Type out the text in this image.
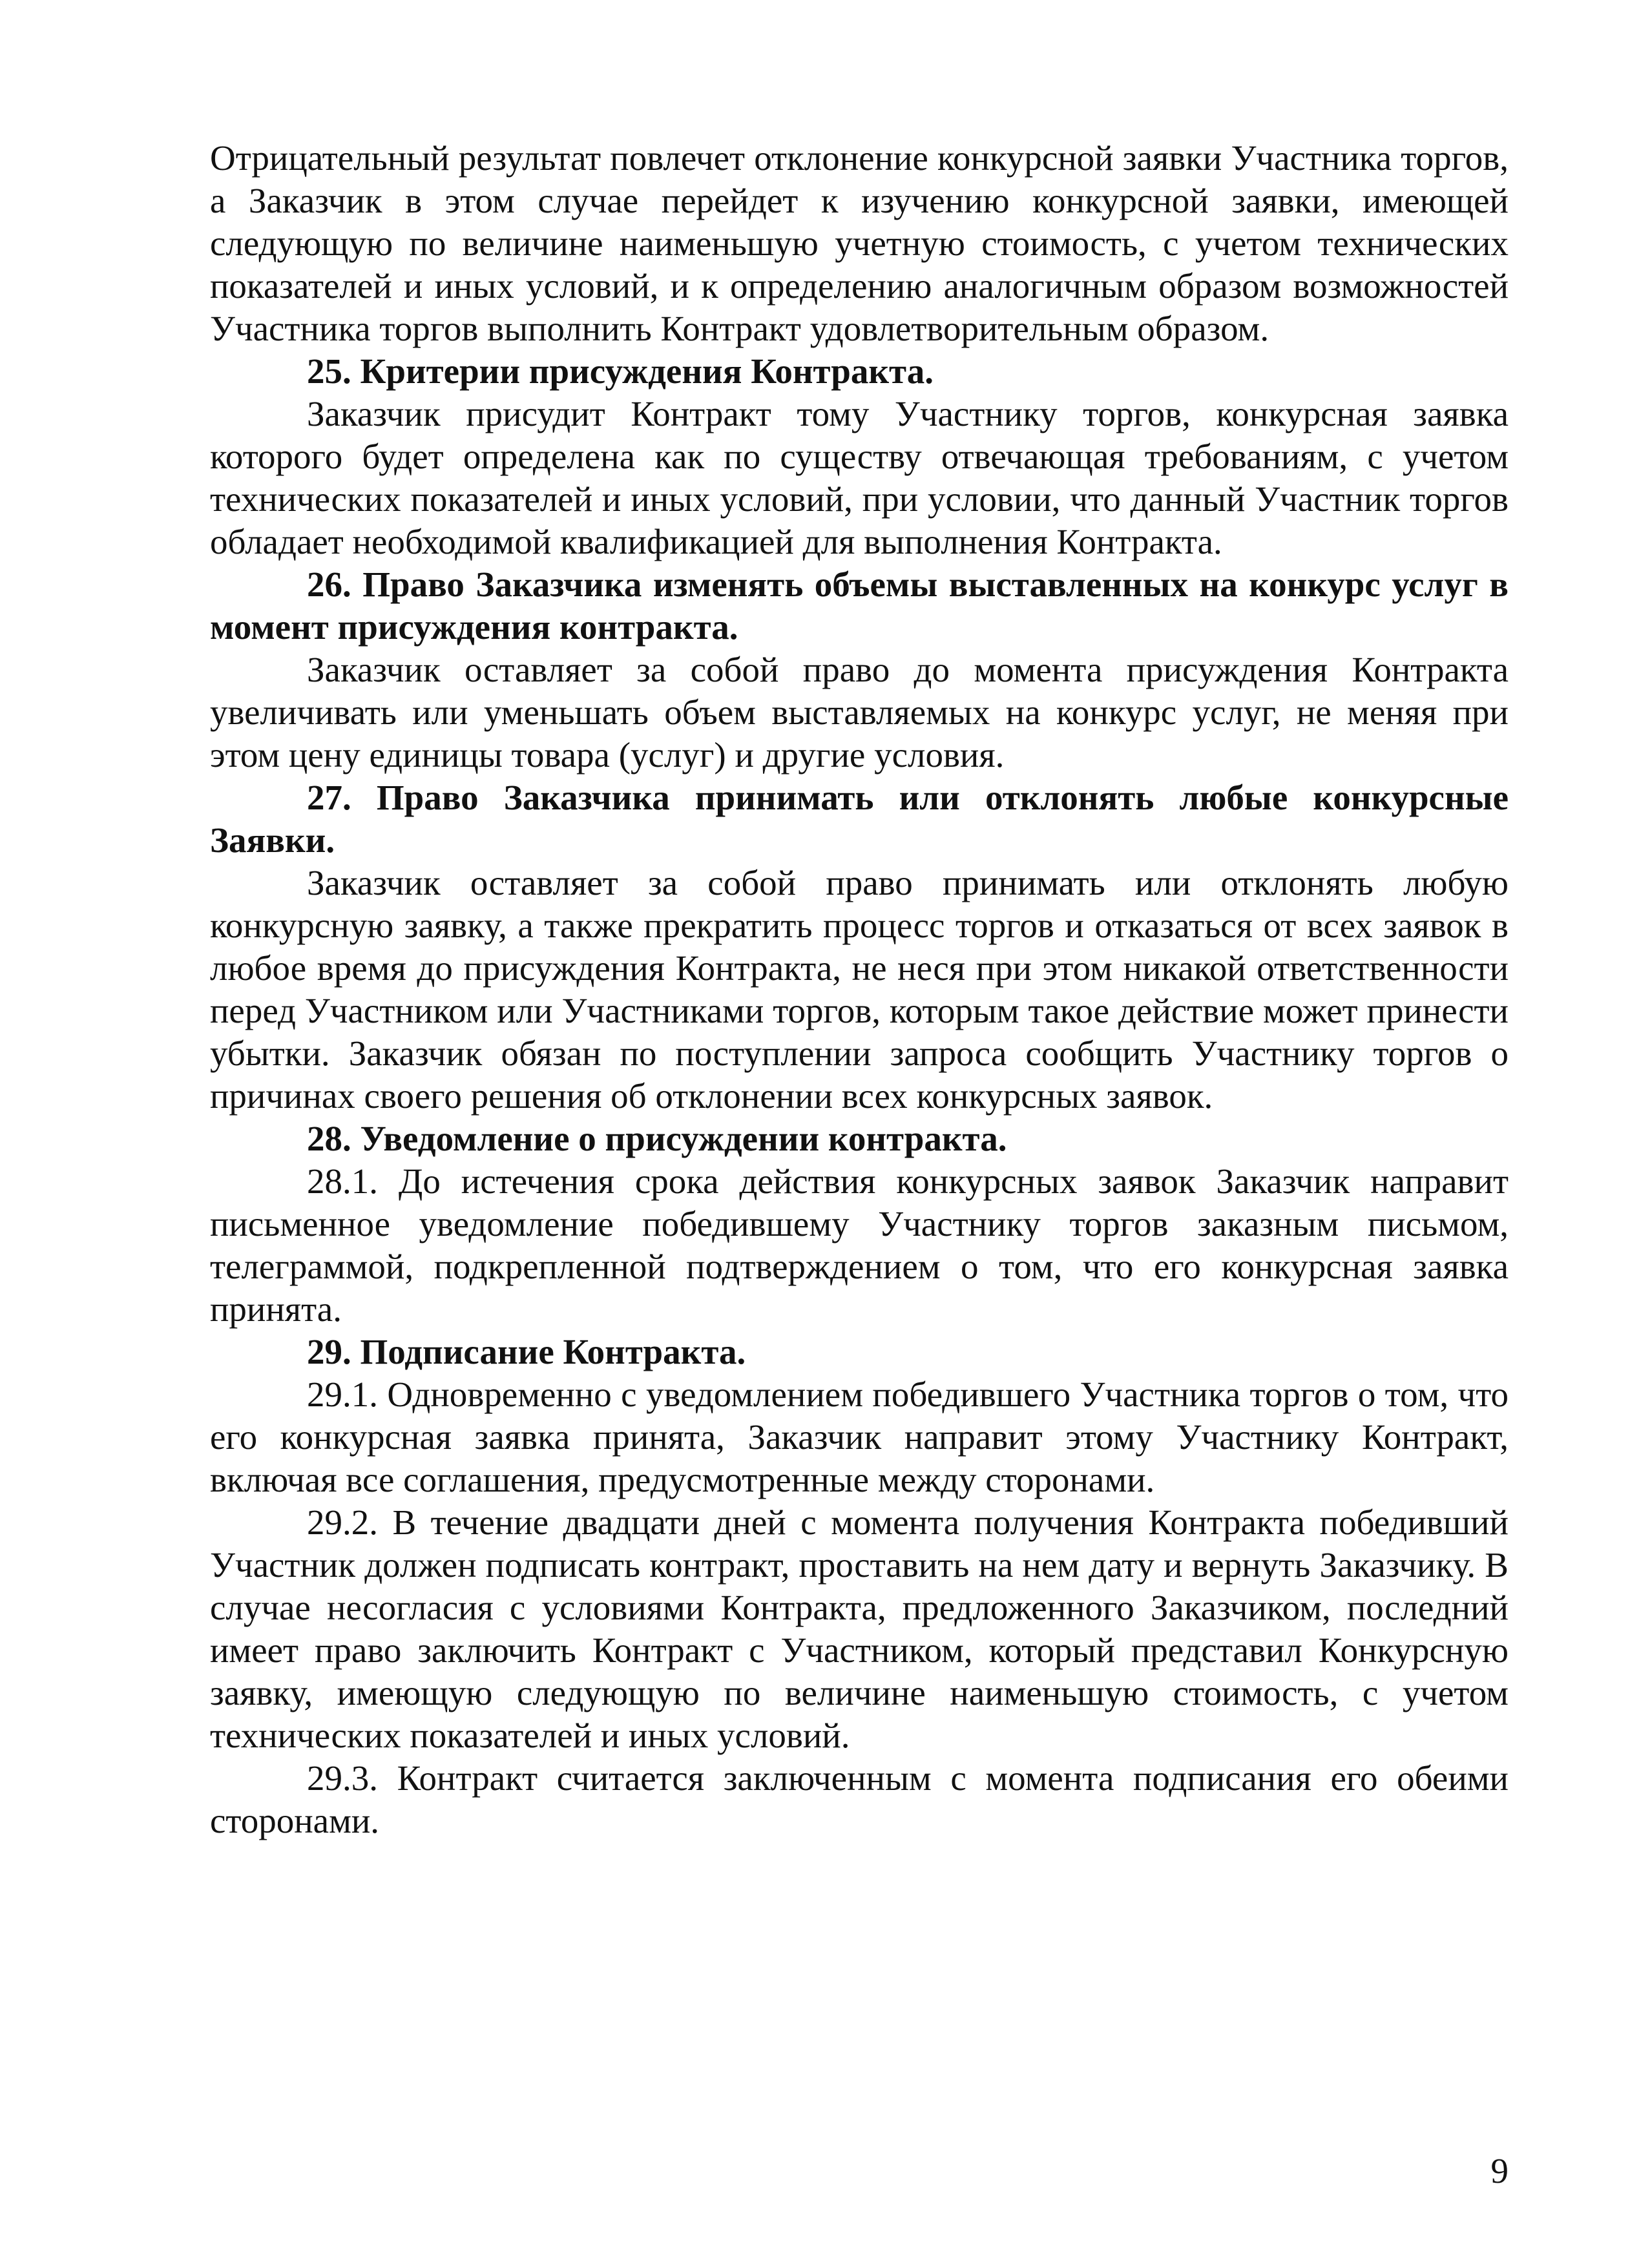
Отрицательный результат повлечет отклонение конкурсной заявки Участника торгов, а Заказчик в этом случае перейдет к изучению конкурсной заявки, имеющей следующую по величине наименьшую учетную стоимость, с учетом технических показателей и иных условий, и к определению аналогичным образом возможностей Участника торгов выполнить Контракт удовлетворительным образом.

25. Критерии присуждения Контракта.

Заказчик присудит Контракт тому Участнику торгов, конкурсная заявка которого будет определена как по существу отвечающая требованиям, с учетом технических показателей и иных условий, при условии, что данный Участник торгов обладает необходимой квалификацией для выполнения Контракта.

26. Право Заказчика изменять объемы выставленных на конкурс услуг в момент присуждения контракта.

Заказчик оставляет за собой право до момента присуждения Контракта увеличивать или уменьшать объем выставляемых на конкурс услуг, не меняя при этом цену единицы товара (услуг) и другие условия.

27. Право Заказчика принимать или отклонять любые конкурсные Заявки.

Заказчик оставляет за собой право принимать или отклонять любую конкурсную заявку, а также прекратить процесс торгов и отказаться от всех заявок в любое время до присуждения Контракта, не неся при этом никакой ответственности перед Участником или Участниками торгов, которым такое действие может принести убытки. Заказчик обязан по поступлении запроса сообщить Участнику торгов о причинах своего решения об отклонении всех конкурсных заявок.

28. Уведомление о присуждении контракта.

28.1. До истечения срока действия конкурсных заявок Заказчик направит письменное уведомление победившему Участнику торгов заказным письмом, телеграммой, подкрепленной подтверждением о том, что его конкурсная заявка принята.

29. Подписание Контракта.

29.1. Одновременно с уведомлением победившего Участника торгов о том, что его конкурсная заявка принята, Заказчик направит этому Участнику Контракт, включая все соглашения, предусмотренные между сторонами.

29.2. В течение двадцати дней с момента получения Контракта победивший Участник должен подписать контракт, проставить на нем дату и вернуть Заказчику. В случае несогласия с условиями Контракта, предложенного Заказчиком, последний имеет право заключить Контракт с Участником, который представил Конкурсную заявку, имеющую следующую по величине наименьшую стоимость, с учетом технических показателей и иных условий.

29.3. Контракт считается заключенным с момента подписания его обеими сторонами.

9
